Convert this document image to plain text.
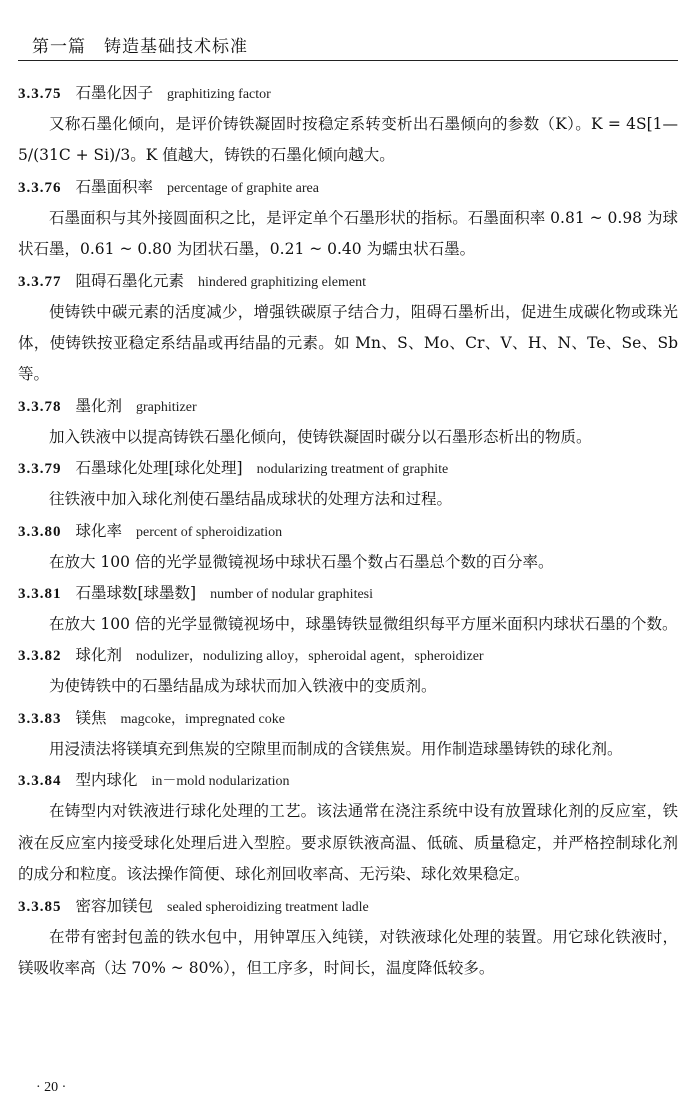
第一篇　铸造基础技术标准
3.3.75 石墨化因子 graphitizing factor
又称石墨化倾向，是评价铸铁凝固时按稳定系转变析出石墨倾向的参数（K）。K = 4S[1—5/(31C + Si)/3。K 值越大，铸铁的石墨化倾向越大。
3.3.76 石墨面积率 percentage of graphite area
石墨面积与其外接圆面积之比，是评定单个石墨形状的指标。石墨面积率 0.81 ~ 0.98 为球状石墨，0.61 ~ 0.80 为团状石墨，0.21 ~ 0.40 为蠕虫状石墨。
3.3.77 阻碍石墨化元素 hindered graphitizing element
使铸铁中碳元素的活度减少，增强铁碳原子结合力，阻碍石墨析出，促进生成碳化物或珠光体，使铸铁按亚稳定系结晶或再结晶的元素。如 Mn、S、Mo、Cr、V、H、N、Te、Se、Sb 等。
3.3.78 墨化剂 graphitizer
加入铁液中以提高铸铁石墨化倾向，使铸铁凝固时碳分以石墨形态析出的物质。
3.3.79 石墨球化处理[球化处理] nodularizing treatment of graphite
往铁液中加入球化剂使石墨结晶成球状的处理方法和过程。
3.3.80 球化率 percent of spheroidization
在放大 100 倍的光学显微镜视场中球状石墨个数占石墨总个数的百分率。
3.3.81 石墨球数[球墨数] number of nodular graphitesi
在放大 100 倍的光学显微镜视场中，球墨铸铁显微组织每平方厘米面积内球状石墨的个数。
3.3.82 球化剂 nodulizer，nodulizing alloy，spheroidal agent，spheroidizer
为使铸铁中的石墨结晶成为球状而加入铁液中的变质剂。
3.3.83 镁焦 magcoke，impregnated coke
用浸渍法将镁填充到焦炭的空隙里而制成的含镁焦炭。用作制造球墨铸铁的球化剂。
3.3.84 型内球化 in－mold nodularization
在铸型内对铁液进行球化处理的工艺。该法通常在浇注系统中设有放置球化剂的反应室，铁液在反应室内接受球化处理后进入型腔。要求原铁液高温、低硫、质量稳定，并严格控制球化剂的成分和粒度。该法操作简便、球化剂回收率高、无污染、球化效果稳定。
3.3.85 密容加镁包 sealed spheroidizing treatment ladle
在带有密封包盖的铁水包中，用钟罩压入纯镁，对铁液球化处理的装置。用它球化铁液时，镁吸收率高（达 70% ~ 80%），但工序多，时间长，温度降低较多。
· 20 ·
